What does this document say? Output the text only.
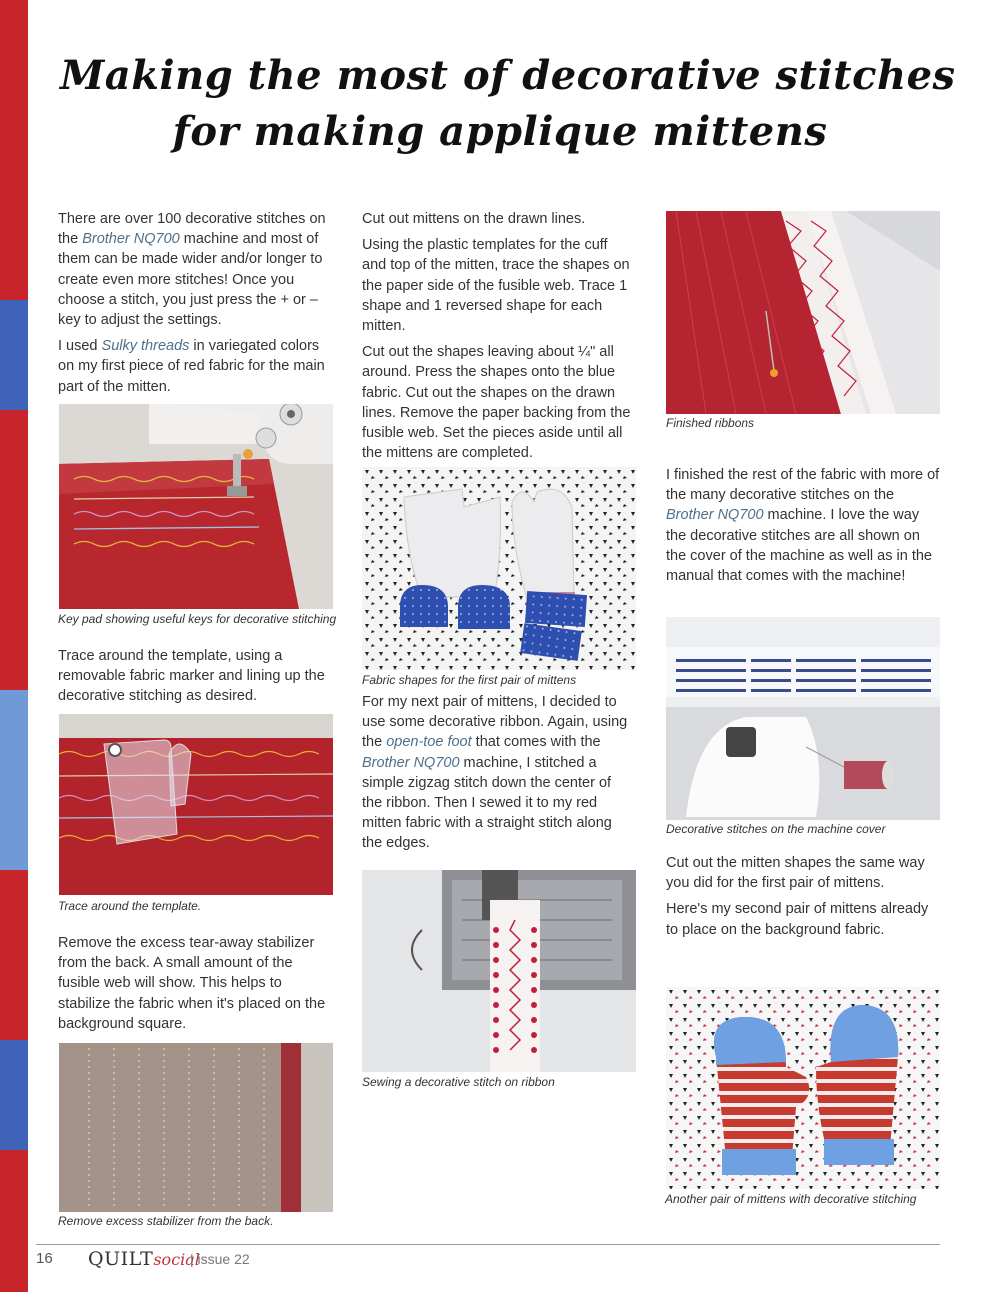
Making the most of decorative stitches
for making applique mittens

There are over 100 decorative stitches on the Brother NQ700 machine and most of them can be made wider and/or longer to create even more stitches! Once you choose a stitch, you just press the + or – key to adjust the settings.

I used Sulky threads in variegated colors on my first piece of red fabric for the main part of the mitten.

Key pad showing useful keys for decorative stitching

Trace around the template, using a removable fabric marker and lining up the decorative stitching as desired.

Trace around the template.

Remove the excess tear-away stabilizer from the back. A small amount of the fusible web will show. This helps to stabilize the fabric when it's placed on the background square.

Remove excess stabilizer from the back.

Cut out mittens on the drawn lines.

Using the plastic templates for the cuff and top of the mitten, trace the shapes on the paper side of the fusible web. Trace 1 shape and 1 reversed shape for each mitten.

Cut out the shapes leaving about ¼" all around. Press the shapes onto the blue fabric. Cut out the shapes on the drawn lines. Remove the paper backing from the fusible web. Set the pieces aside until all the mittens are completed.

Fabric shapes for the first pair of mittens

For my next pair of mittens, I decided to use some decorative ribbon. Again, using the open-toe foot that comes with the Brother NQ700 machine, I stitched a simple zigzag stitch down the center of the ribbon. Then I sewed it to my red mitten fabric with a straight stitch along the edges.

Sewing a decorative stitch on ribbon
Finished ribbons

I finished the rest of the fabric with more of the many decorative stitches on the Brother NQ700 machine. I love the way the decorative stitches are all shown on the cover of the machine as well as in the manual that comes with the machine!

Decorative stitches on the machine cover

Cut out the mitten shapes the same way you did for the first pair of mittens.

Here's my second pair of mittens already to place on the background fabric.

Another pair of mittens with decorative stitching
16 QUILTsocial
| issue 22
